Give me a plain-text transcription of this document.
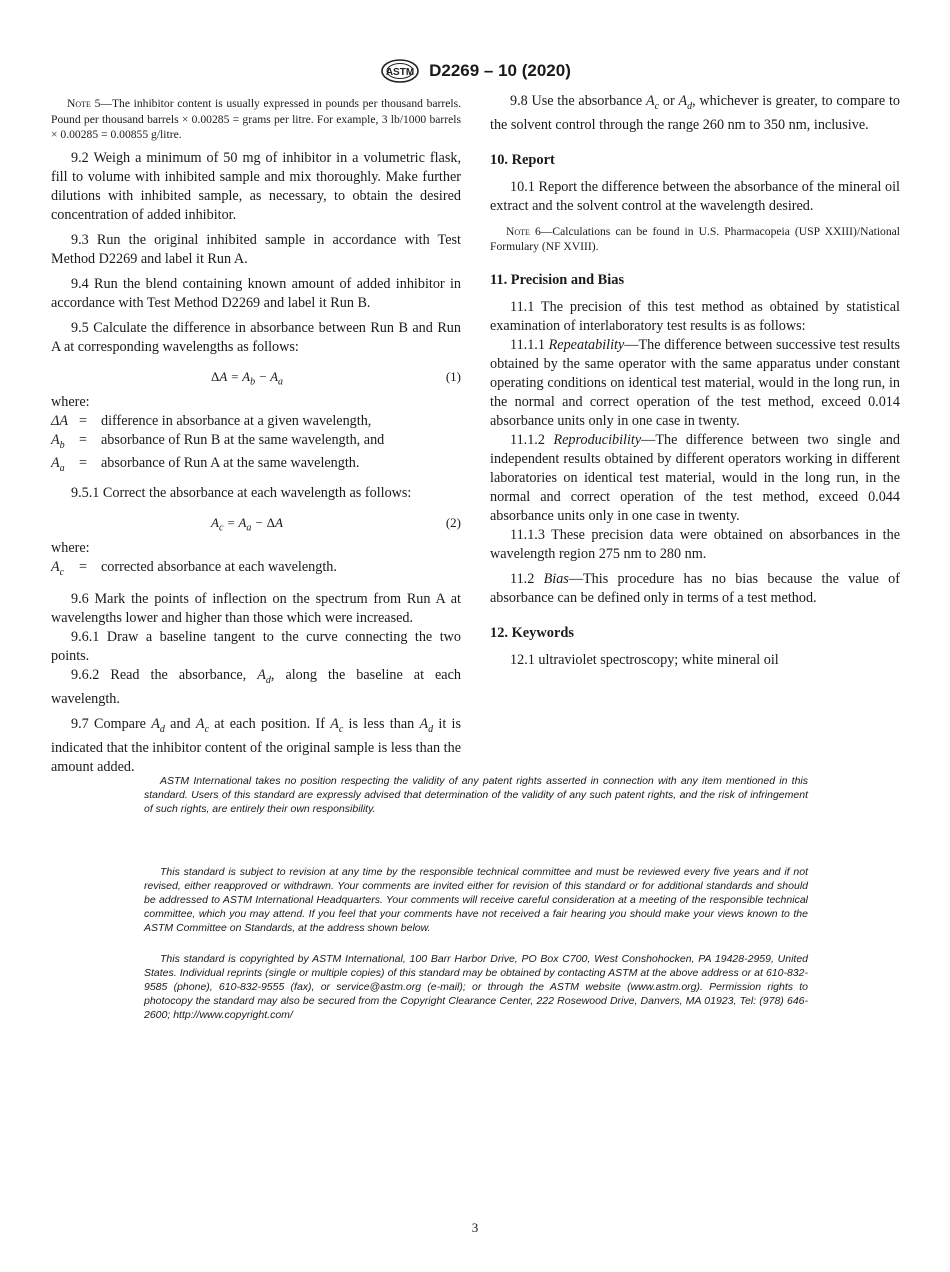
ASTM D2269 – 10 (2020)

Note 5—The inhibitor content is usually expressed in pounds per thousand barrels. Pound per thousand barrels × 0.00285 = grams per litre. For example, 3 lb/1000 barrels × 0.00285 = 0.00855 g/litre.

9.2 Weigh a minimum of 50 mg of inhibitor in a volumetric flask, fill to volume with inhibited sample and mix thoroughly. Make further dilutions with inhibited sample, as necessary, to obtain the desired concentration of added inhibitor.

9.3 Run the original inhibited sample in accordance with Test Method D2269 and label it Run A.

9.4 Run the blend containing known amount of added inhibitor in accordance with Test Method D2269 and label it Run B.

9.5 Calculate the difference in absorbance between Run B and Run A at corresponding wavelengths as follows:

$\Delta A = A_b - A_a$	(1)

where:

ΔA = difference in absorbance at a given wavelength,
$A_b$	= absorbance of Run B at the same wavelength, and
$A_a$	= absorbance of Run A at the same wavelength.

9.5.1 Correct the absorbance at each wavelength as follows:

$A_c = A_a - \Delta A$	(2)

where:

$A_c$	= corrected absorbance at each wavelength.

9.6 Mark the points of inflection on the spectrum from Run A at wavelengths lower and higher than those which were increased.

9.6.1 Draw a baseline tangent to the curve connecting the two points.

9.6.2 Read the absorbance, $A_d$, along the baseline at each wavelength.

9.7 Compare $A_d$ and $A_c$ at each position. If $A_c$ is less than $A_d$ it is indicated that the inhibitor content of the original sample is less than the amount added.

9.8 Use the absorbance $A_c$ or $A_d$, whichever is greater, to compare to the solvent control through the range 260 nm to 350 nm, inclusive.

10. Report

10.1 Report the difference between the absorbance of the mineral oil extract and the solvent control at the wavelength desired.

Note 6—Calculations can be found in U.S. Pharmacopeia (USP XXIII)/National Formulary (NF XVIII).

11. Precision and Bias

11.1 The precision of this test method as obtained by statistical examination of interlaboratory test results is as follows:

11.1.1 Repeatability—The difference between successive test results obtained by the same operator with the same apparatus under constant operating conditions on identical test material, would in the long run, in the normal and correct operation of the test method, exceed 0.014 absorbance units only in one case in twenty.

11.1.2 Reproducibility—The difference between two single and independent results obtained by different operators working in different laboratories on identical test material, would in the long run, in the normal and correct operation of the test method, exceed 0.044 absorbance units only in one case in twenty.

11.1.3 These precision data were obtained on absorbances in the wavelength region 275 nm to 280 nm.

11.2 Bias—This procedure has no bias because the value of absorbance can be defined only in terms of a test method.

12. Keywords

12.1 ultraviolet spectroscopy; white mineral oil

ASTM International takes no position respecting the validity of any patent rights asserted in connection with any item mentioned in this standard. Users of this standard are expressly advised that determination of the validity of any such patent rights, and the risk of infringement of such rights, are entirely their own responsibility.

This standard is subject to revision at any time by the responsible technical committee and must be reviewed every five years and if not revised, either reapproved or withdrawn. Your comments are invited either for revision of this standard or for additional standards and should be addressed to ASTM International Headquarters. Your comments will receive careful consideration at a meeting of the responsible technical committee, which you may attend. If you feel that your comments have not received a fair hearing you should make your views known to the ASTM Committee on Standards, at the address shown below.

This standard is copyrighted by ASTM International, 100 Barr Harbor Drive, PO Box C700, West Conshohocken, PA 19428-2959, United States. Individual reprints (single or multiple copies) of this standard may be obtained by contacting ASTM at the above address or at 610-832-9585 (phone), 610-832-9555 (fax), or service@astm.org (e-mail); or through the ASTM website (www.astm.org). Permission rights to photocopy the standard may also be secured from the Copyright Clearance Center, 222 Rosewood Drive, Danvers, MA 01923, Tel: (978) 646-2600; http://www.copyright.com/

3
